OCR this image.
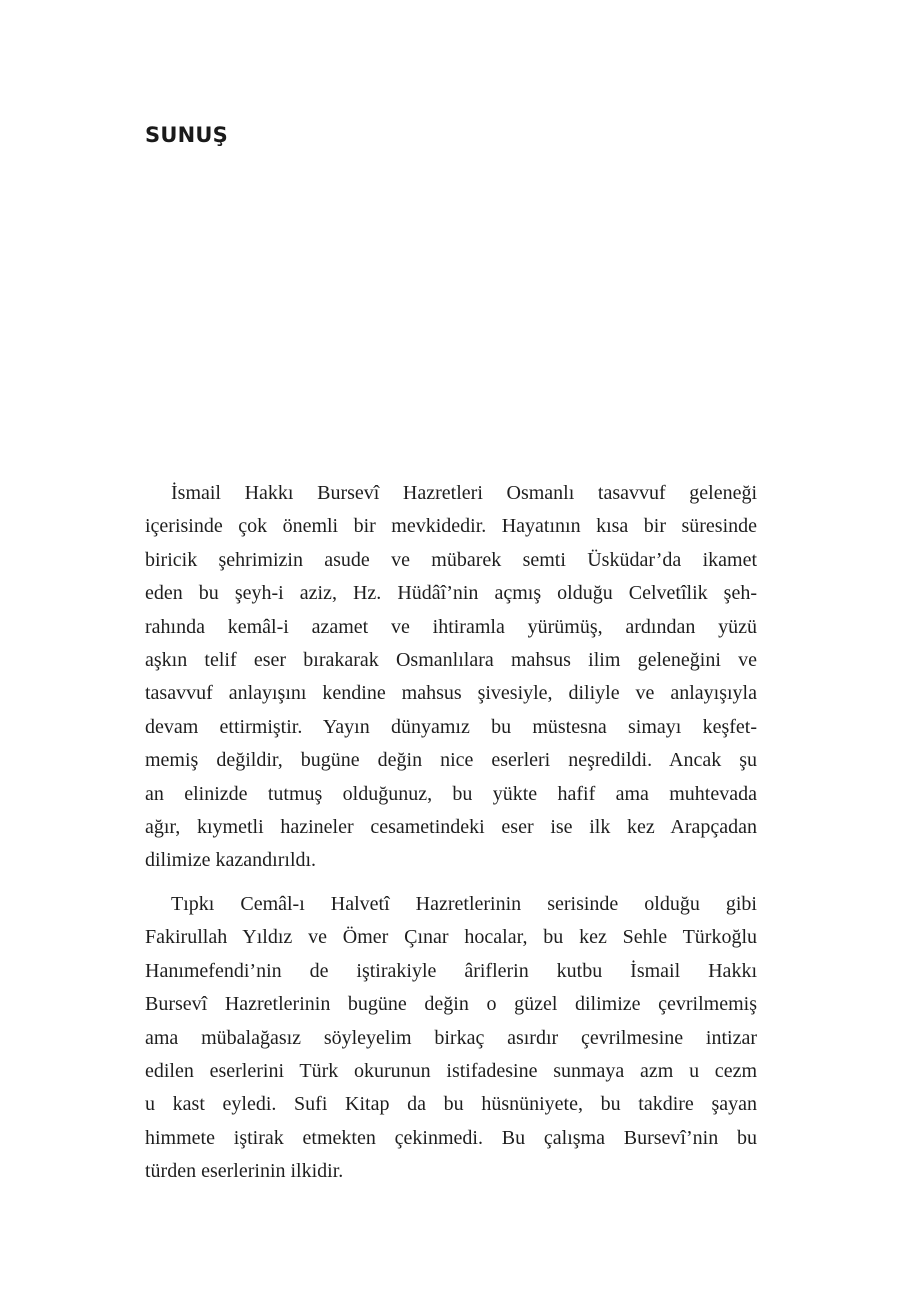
SUNUŞ

İsmail Hakkı Bursevî Hazretleri Osmanlı tasavvuf geleneği
içerisinde çok önemli bir mevkidedir. Hayatının kısa bir süresinde
biricik şehrimizin asude ve mübarek semti Üsküdar’da ikamet
eden bu şeyh-i aziz, Hz. Hüdâî’nin açmış olduğu Celvetîlik şeh-
rahında kemâl-i azamet ve ihtiramla yürümüş, ardından yüzü
aşkın telif eser bırakarak Osmanlılara mahsus ilim geleneğini ve
tasavvuf anlayışını kendine mahsus şivesiyle, diliyle ve anlayışıyla
devam ettirmiştir. Yayın dünyamız bu müstesna simayı keşfet-
memiş değildir, bugüne değin nice eserleri neşredildi. Ancak şu
an elinizde tutmuş olduğunuz, bu yükte hafif ama muhtevada
ağır, kıymetli hazineler cesametindeki eser ise ilk kez Arapçadan
dilimize kazandırıldı.

Tıpkı Cemâl-ı Halvetî Hazretlerinin serisinde olduğu gibi
Fakirullah Yıldız ve Ömer Çınar hocalar, bu kez Sehle Türkoğlu
Hanımefendi’nin de iştirakiyle âriflerin kutbu İsmail Hakkı
Bursevî Hazretlerinin bugüne değin o güzel dilimize çevrilmemiş
ama mübalağasız söyleyelim birkaç asırdır çevrilmesine intizar
edilen eserlerini Türk okurunun istifadesine sunmaya azm u cezm
u kast eyledi. Sufi Kitap da bu hüsnüniyete, bu takdire şayan
himmete iştirak etmekten çekinmedi. Bu çalışma Bursevî’nin bu
türden eserlerinin ilkidir.
